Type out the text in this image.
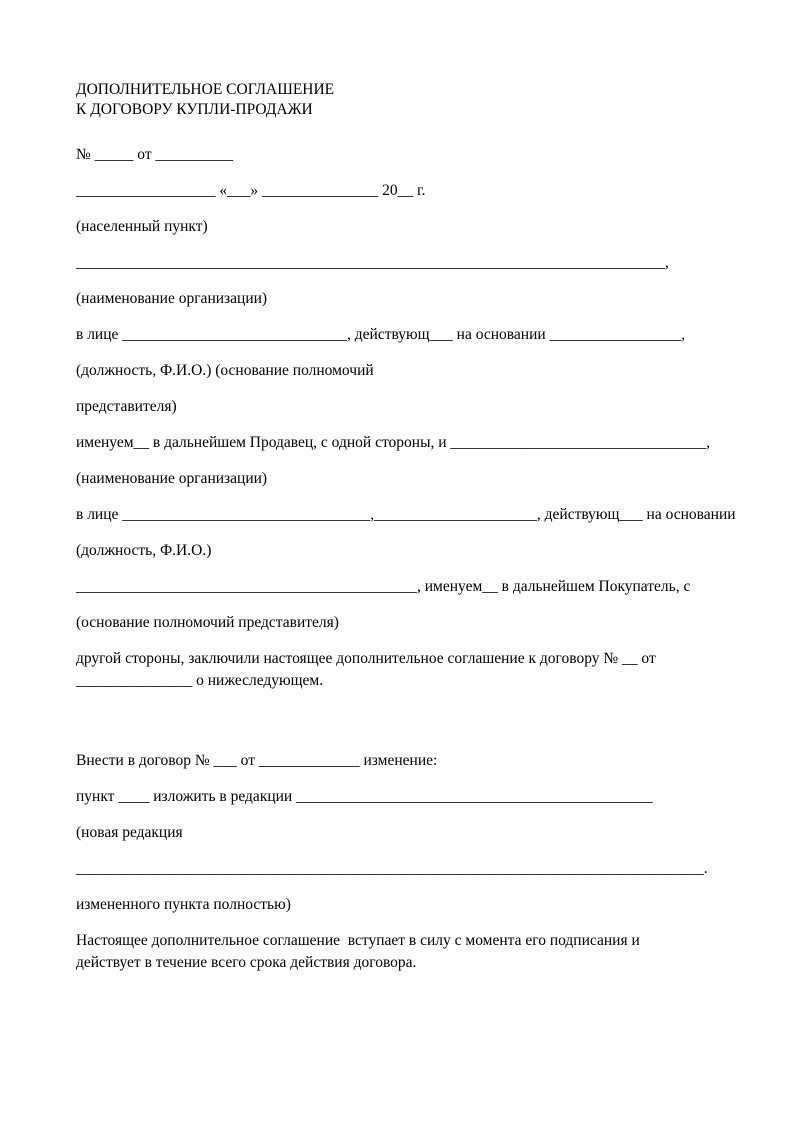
ДОПОЛНИТЕЛЬНОЕ СОГЛАШЕНИЕ
К ДОГОВОРУ КУПЛИ-ПРОДАЖИ
№ _____ от __________
__________________ «___» _______________ 20__ г.
(населенный пункт)
____________________________________________________________________________,
(наименование организации)
в лице _____________________________, действующ___ на основании _________________,
(должность, Ф.И.О.) (основание полномочий
представителя)
именуем__ в дальнейшем Продавец, с одной стороны, и _________________________________,
(наименование организации)
в лице ________________________________,_____________________, действующ___ на основании
(должность, Ф.И.О.)
____________________________________________, именуем__ в дальнейшем Покупатель, с
(основание полномочий представителя)
другой стороны, заключили настоящее дополнительное соглашение к договору № __ от
_______________ о нижеследующем.
Внести в договор № ___ от _____________ изменение:
пункт ____ изложить в редакции ______________________________________________
(новая редакция
_________________________________________________________________________________.
измененного пункта полностью)
Настоящее дополнительное соглашение  вступает в силу с момента его подписания и
действует в течение всего срока действия договора.
